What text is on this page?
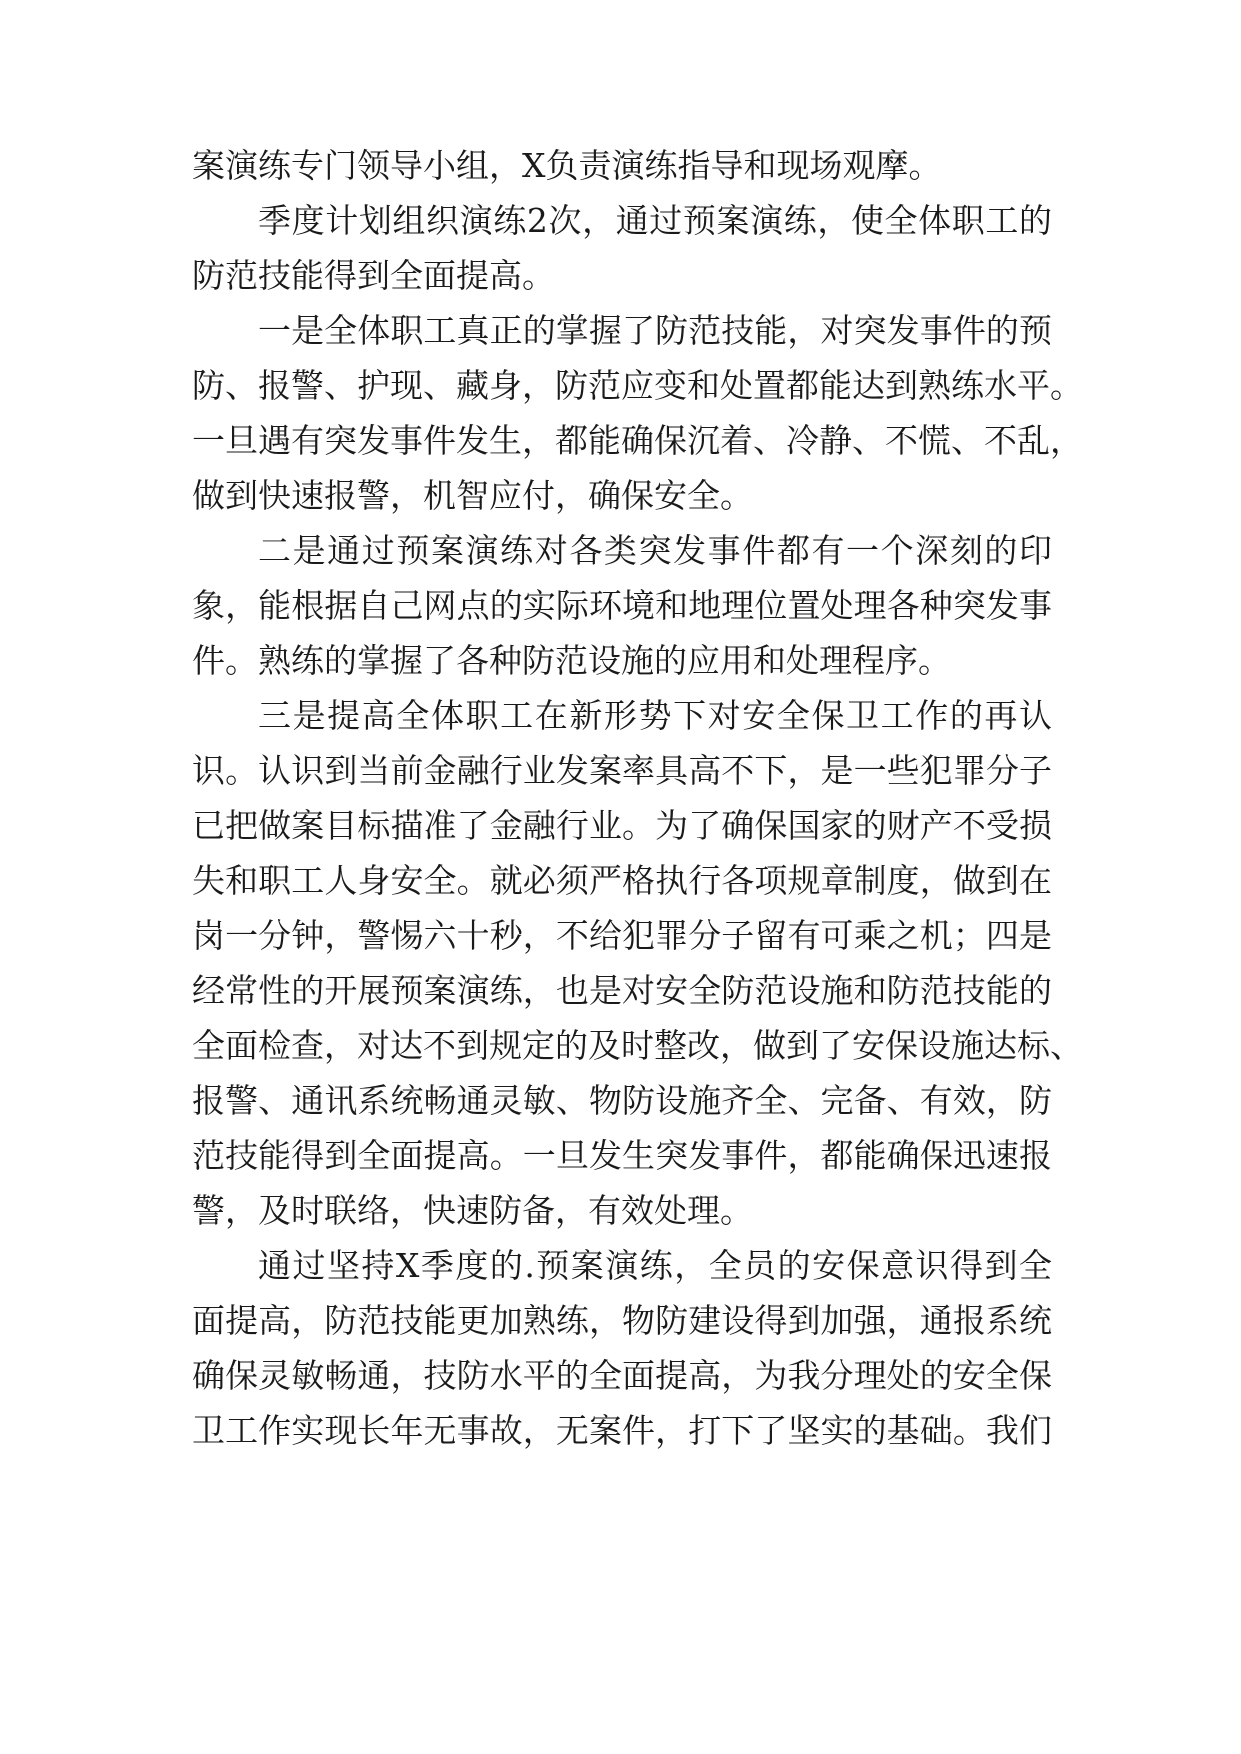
案演练专门领导小组，X负责演练指导和现场观摩。
季度计划组织演练2次，通过预案演练，使全体职工的
防范技能得到全面提高。
一是全体职工真正的掌握了防范技能，对突发事件的预
防、报警、护现、藏身，防范应变和处置都能达到熟练水平。
一旦遇有突发事件发生，都能确保沉着、冷静、不慌、不乱，
做到快速报警，机智应付，确保安全。
二是通过预案演练对各类突发事件都有一个深刻的印
象，能根据自己网点的实际环境和地理位置处理各种突发事
件。熟练的掌握了各种防范设施的应用和处理程序。
三是提高全体职工在新形势下对安全保卫工作的再认
识。认识到当前金融行业发案率具高不下，是一些犯罪分子
已把做案目标描准了金融行业。为了确保国家的财产不受损
失和职工人身安全。就必须严格执行各项规章制度，做到在
岗一分钟，警惕六十秒，不给犯罪分子留有可乘之机；四是
经常性的开展预案演练，也是对安全防范设施和防范技能的
全面检查，对达不到规定的及时整改，做到了安保设施达标、
报警、通讯系统畅通灵敏、物防设施齐全、完备、有效，防
范技能得到全面提高。一旦发生突发事件，都能确保迅速报
警，及时联络，快速防备，有效处理。
通过坚持X季度的.预案演练，全员的安保意识得到全
面提高，防范技能更加熟练，物防建设得到加强，通报系统
确保灵敏畅通，技防水平的全面提高，为我分理处的安全保
卫工作实现长年无事故，无案件，打下了坚实的基础。我们
